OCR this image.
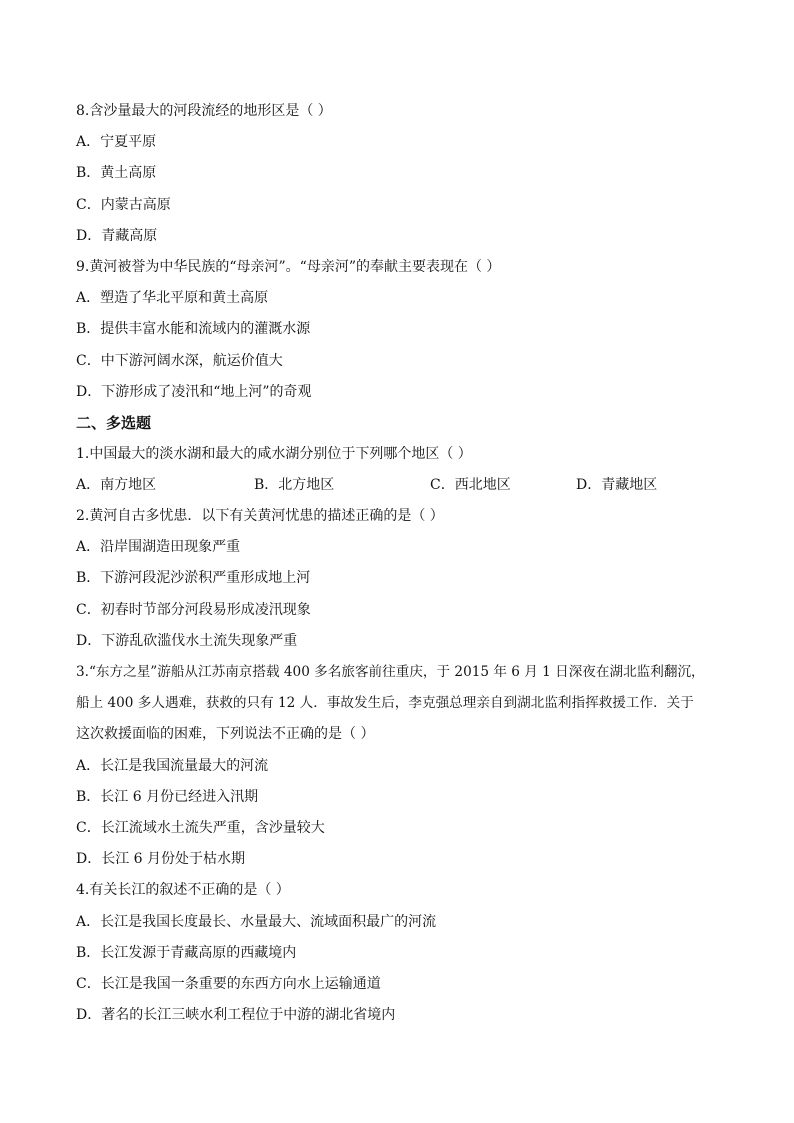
8.含沙量最大的河段流经的地形区是（ ）
A．宁夏平原
B．黄土高原
C．内蒙古高原
D．青藏高原
9.黄河被誉为中华民族的“母亲河”。“母亲河”的奉献主要表现在（ ）
A．塑造了华北平原和黄土高原
B．提供丰富水能和流域内的灌溉水源
C．中下游河阔水深，航运价值大
D．下游形成了凌汛和“地上河”的奇观
二、多选题
1.中国最大的淡水湖和最大的咸水湖分别位于下列哪个地区（ ）
A．南方地区	B．北方地区	C．西北地区	D．青藏地区
2.黄河自古多忧患．以下有关黄河忧患的描述正确的是（ ）
A．沿岸围湖造田现象严重
B．下游河段泥沙淤积严重形成地上河
C．初春时节部分河段易形成凌汛现象
D．下游乱砍滥伐水土流失现象严重
3.“东方之星”游船从江苏南京搭载 400 多名旅客前往重庆，于 2015 年 6 月 1 日深夜在湖北监利翻沉，
船上 400 多人遇难，获救的只有 12 人．事故发生后，李克强总理亲自到湖北监利指挥救援工作．关于
这次救援面临的困难，下列说法不正确的是（ ）
A．长江是我国流量最大的河流
B．长江 6 月份已经进入汛期
C．长江流域水土流失严重，含沙量较大
D．长江 6 月份处于枯水期
4.有关长江的叙述不正确的是（ ）
A．长江是我国长度最长、水量最大、流域面积最广的河流
B．长江发源于青藏高原的西藏境内
C．长江是我国一条重要的东西方向水上运输通道
D．著名的长江三峡水利工程位于中游的湖北省境内
